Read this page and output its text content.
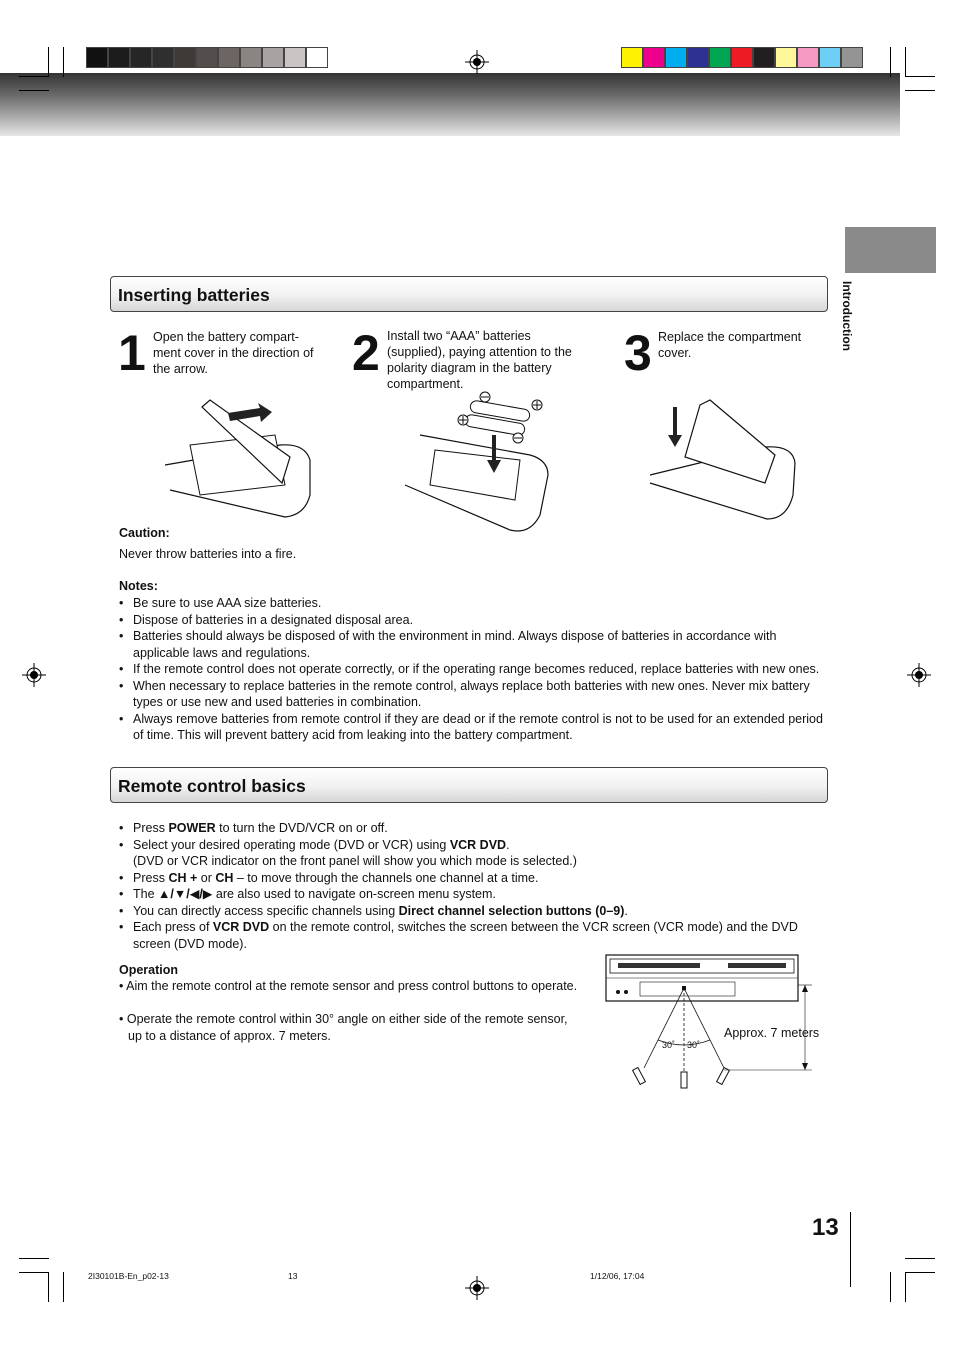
Introduction
Inserting batteries
1 Open the battery compart-
ment cover in the direction of
the arrow.	2 Install two “AAA” batteries
(supplied), paying attention to the
polarity diagram in the battery
compartment.
3 Replace the compartment
cover.
Caution:
Never throw batteries into a fire.
Notes:
• Be sure to use AAA size batteries.
• Dispose of batteries in a designated disposal area.
• Batteries should always be disposed of with the environment in mind. Always dispose of batteries in accordance with applicable laws and regulations.
• If the remote control does not operate correctly, or if the operating range becomes reduced, replace batteries with new ones.
• When necessary to replace batteries in the remote control, always replace both batteries with new ones. Never mix battery types or use new and used batteries in combination.
• Always remove batteries from remote control if they are dead or if the remote control is not to be used for an extended period of time. This will prevent battery acid from leaking into the battery compartment.
Remote control basics
• Press POWER to turn the DVD/VCR on or off.
• Select your desired operating mode (DVD or VCR) using VCR DVD.
(DVD or VCR indicator on the front panel will show you which mode is selected.)
• Press CH + or CH – to move through the channels one channel at a time.
• The ▲/▼/◀/▶ are also used to navigate on-screen menu system.
• You can directly access specific channels using Direct channel selection buttons (0–9).
• Each press of VCR DVD on the remote control, switches the screen between the VCR screen (VCR mode) and the DVD screen (DVD mode).
Operation
• Aim the remote control at the remote sensor and press control buttons to operate.
• Operate the remote control within 30° angle on either side of the remote sensor, up to a distance of approx. 7 meters.
30˚ 30˚
Approx. 7 meters
13
2I30101B-En_p02-13	13	1/12/06, 17:04
